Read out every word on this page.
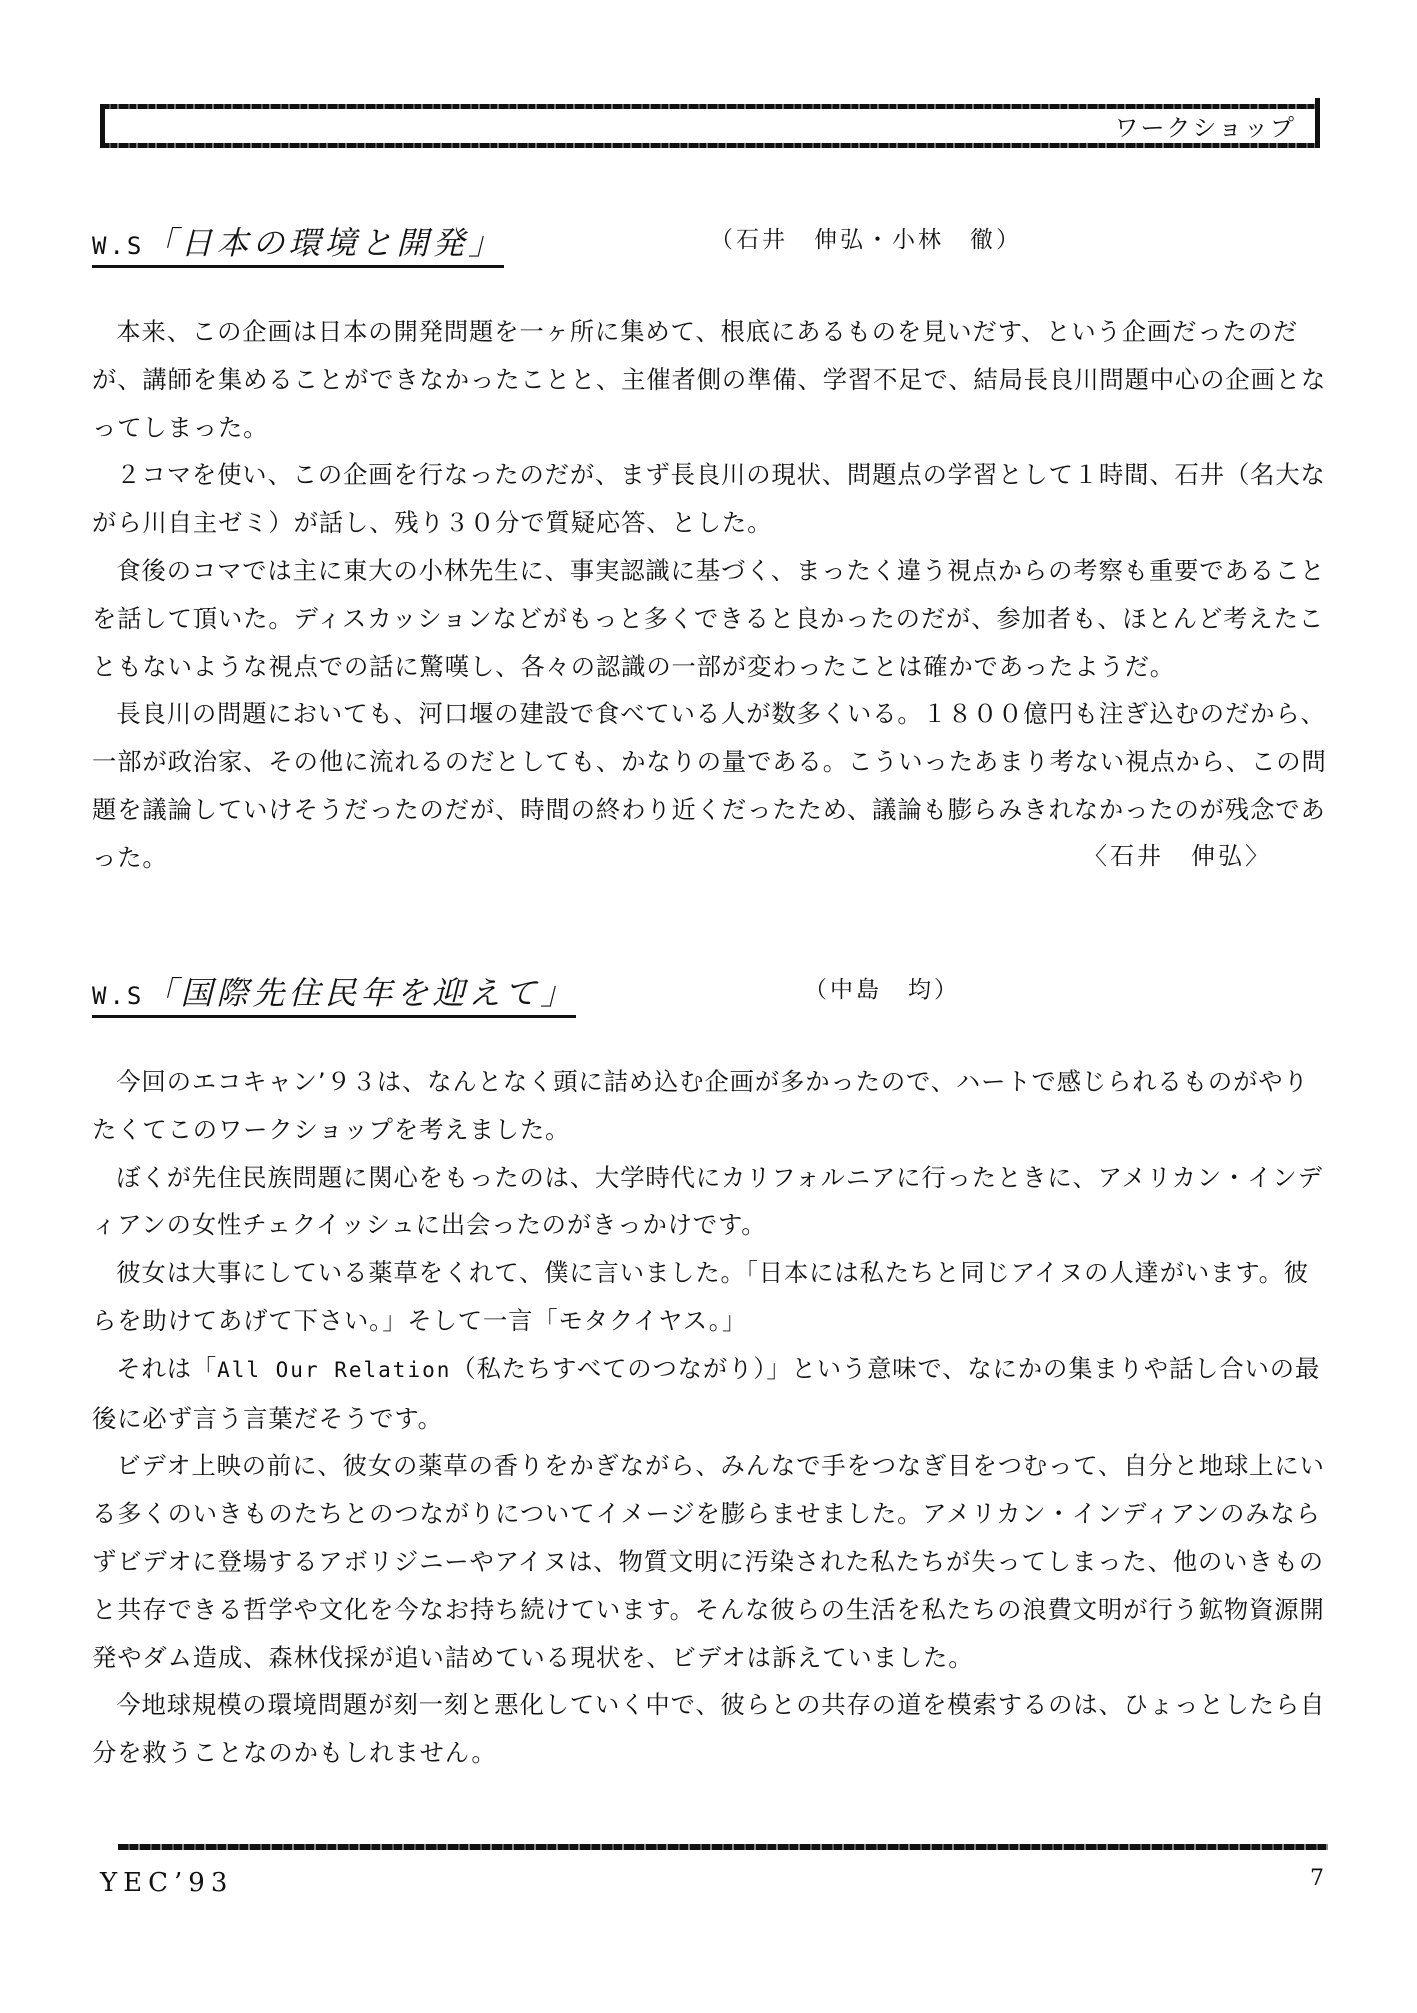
ワークショップ
W.S「日本の環境と開発」	（石井　伸弘・小林　徹）

本来、この企画は日本の開発問題を一ヶ所に集めて、根底にあるものを見いだす、という企画だったのだが、講師を集めることができなかったことと、主催者側の準備、学習不足で、結局長良川問題中心の企画となってしまった。

２コマを使い、この企画を行なったのだが、まず長良川の現状、問題点の学習として１時間、石井（名大ながら川自主ゼミ）が話し、残り３０分で質疑応答、とした。

食後のコマでは主に東大の小林先生に、事実認識に基づく、まったく違う視点からの考察も重要であることを話して頂いた。ディスカッションなどがもっと多くできると良かったのだが、参加者も、ほとんど考えたこともないような視点での話に驚嘆し、各々の認識の一部が変わったことは確かであったようだ。

長良川の問題においても、河口堰の建設で食べている人が数多くいる。１８００億円も注ぎ込むのだから、一部が政治家、その他に流れるのだとしても、かなりの量である。こういったあまり考ない視点から、この問題を議論していけそうだったのだが、時間の終わり近くだったため、議論も膨らみきれなかったのが残念であった。	〈石井　伸弘〉
W.S「国際先住民年を迎えて」	（中島　均）

今回のエコキャン’９３は、なんとなく頭に詰め込む企画が多かったので、ハートで感じられるものがやりたくてこのワークショップを考えました。

ぼくが先住民族問題に関心をもったのは、大学時代にカリフォルニアに行ったときに、アメリカン・インディアンの女性チェクイッシュに出会ったのがきっかけです。

彼女は大事にしている薬草をくれて、僕に言いました。「日本には私たちと同じアイヌの人達がいます。彼らを助けてあげて下さい。」そして一言「モタクイヤス。」

それは「All Our Relation（私たちすべてのつながり）」という意味で、なにかの集まりや話し合いの最後に必ず言う言葉だそうです。

ビデオ上映の前に、彼女の薬草の香りをかぎながら、みんなで手をつなぎ目をつむって、自分と地球上にいる多くのいきものたちとのつながりについてイメージを膨らませました。アメリカン・インディアンのみならずビデオに登場するアボリジニーやアイヌは、物質文明に汚染された私たちが失ってしまった、他のいきものと共存できる哲学や文化を今なお持ち続けています。そんな彼らの生活を私たちの浪費文明が行う鉱物資源開発やダム造成、森林伐採が追い詰めている現状を、ビデオは訴えていました。

今地球規模の環境問題が刻一刻と悪化していく中で、彼らとの共存の道を模索するのは、ひょっとしたら自分を救うことなのかもしれません。

YEC’93	7
